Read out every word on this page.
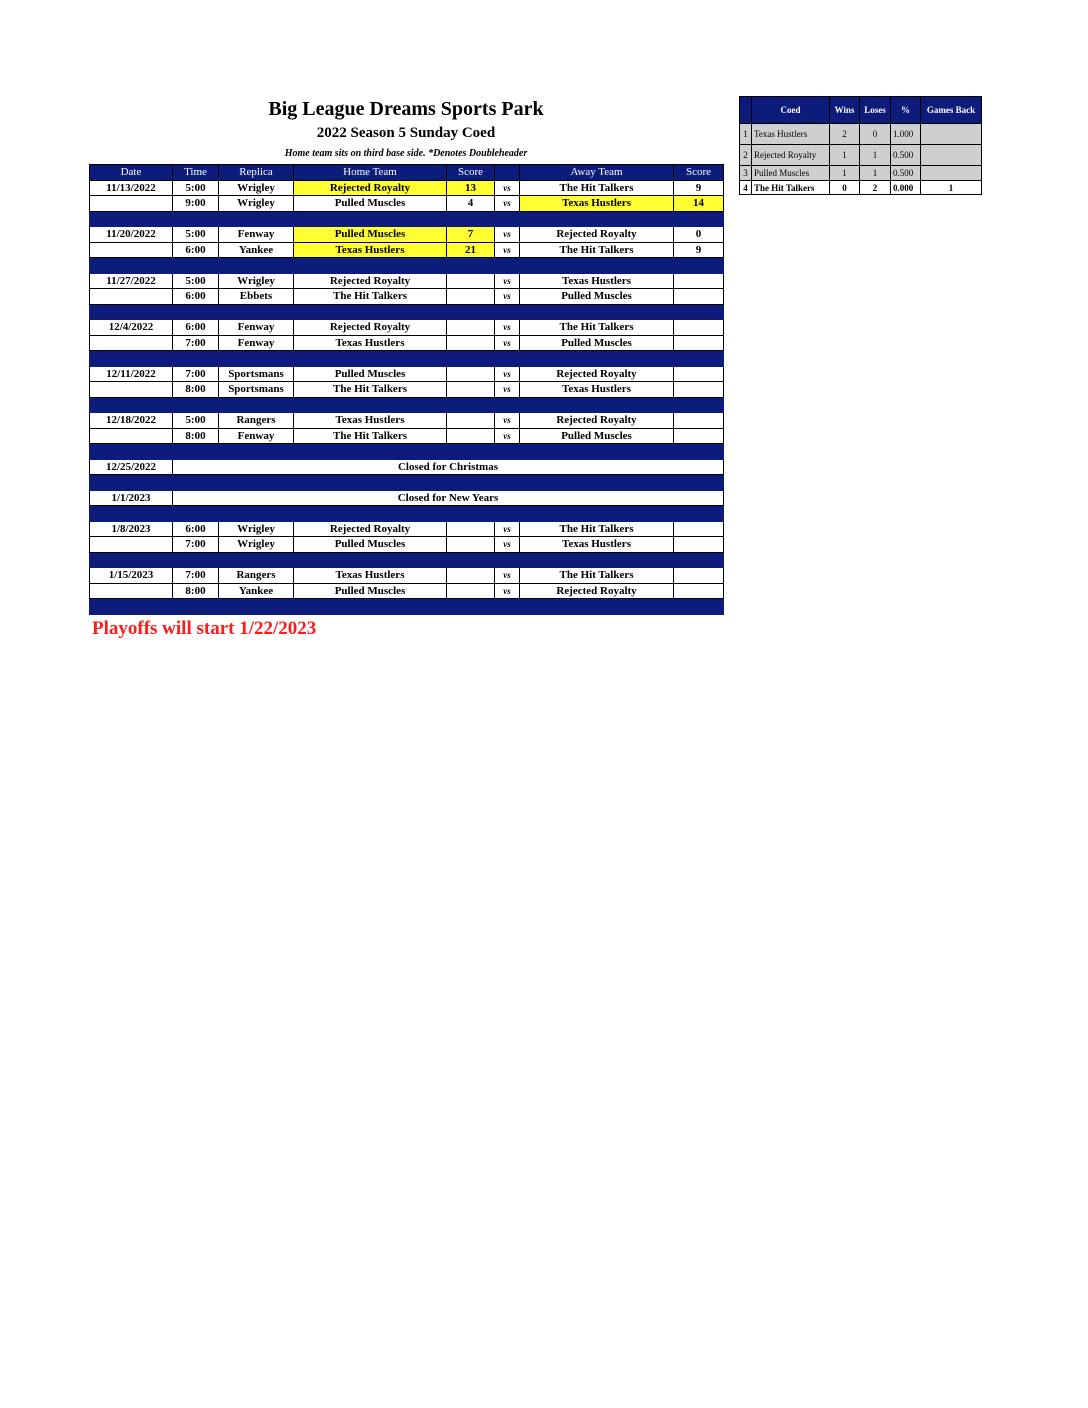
Big League Dreams Sports Park
2022 Season 5 Sunday Coed
Home team sits on third base side. *Denotes Doubleheader
Date	Time	Replica	Home Team	Score		Away Team	Score
11/13/2022	5:00	Wrigley	Rejected Royalty	13	vs	The Hit Talkers	9
	9:00	Wrigley	Pulled Muscles	4	vs	Texas Hustlers	14

11/20/2022	5:00	Fenway	Pulled Muscles	7	vs	Rejected Royalty	0
	6:00	Yankee	Texas Hustlers	21	vs	The Hit Talkers	9

11/27/2022	5:00	Wrigley	Rejected Royalty		vs	Texas Hustlers	
	6:00	Ebbets	The Hit Talkers		vs	Pulled Muscles	

12/4/2022	6:00	Fenway	Rejected Royalty		vs	The Hit Talkers	
	7:00	Fenway	Texas Hustlers		vs	Pulled Muscles	

12/11/2022	7:00	Sportsmans	Pulled Muscles		vs	Rejected Royalty	
	8:00	Sportsmans	The Hit Talkers		vs	Texas Hustlers	

12/18/2022	5:00	Rangers	Texas Hustlers		vs	Rejected Royalty	
	8:00	Fenway	The Hit Talkers		vs	Pulled Muscles	

12/25/2022	Closed for Christmas						

1/1/2023	Closed for New Years						

1/8/2023	6:00	Wrigley	Rejected Royalty		vs	The Hit Talkers	
	7:00	Wrigley	Pulled Muscles		vs	Texas Hustlers	

1/15/2023	7:00	Rangers	Texas Hustlers		vs	The Hit Talkers	
	8:00	Yankee	Pulled Muscles		vs	Rejected Royalty	

	Coed	Wins	Loses	%	Games Back
1	Texas Hustlers	2	0	1.000	
2	Rejected Royalty	1	1	0.500	
3	Pulled Muscles	1	1	0.500	
4	The Hit Talkers	0	2	0.000	1
Playoffs will start 1/22/2023
